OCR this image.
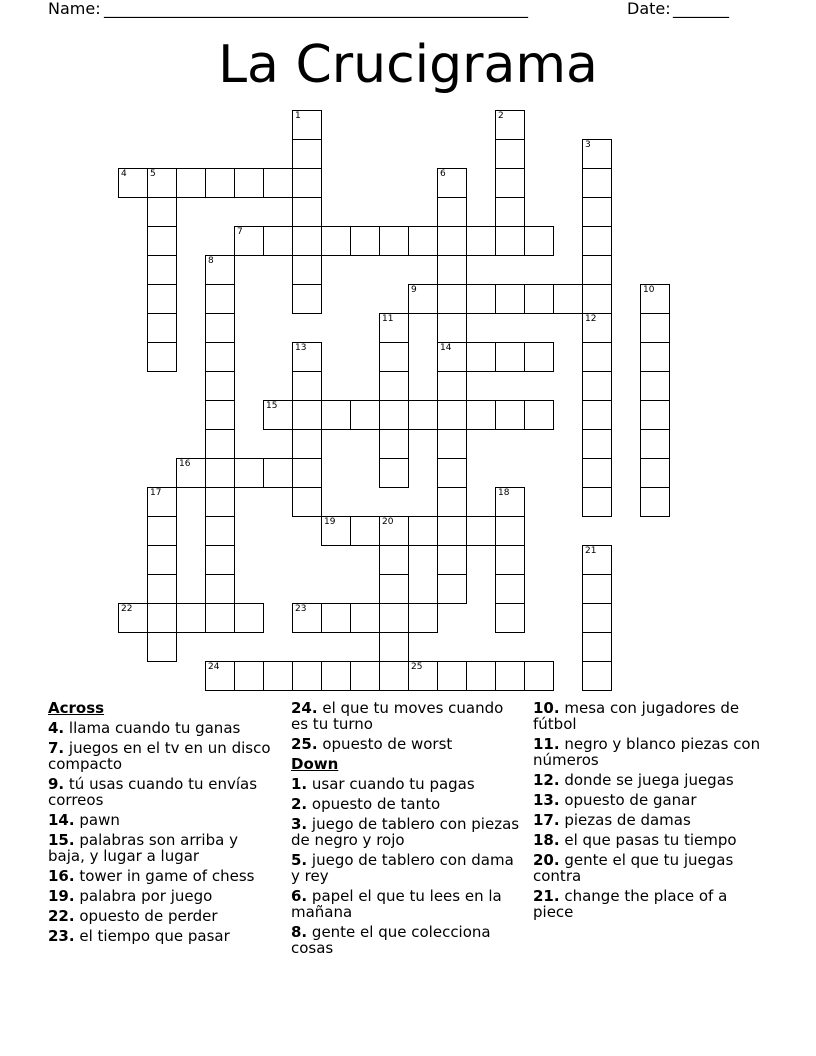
Name: _____________________________________________________	Date: _______
La Crucigrama
1	2
3
4	5	6
14
7
8
9	10
11	12
13
15
16
17	18
19	20
21
22	23
24	25
Across
4. llama cuando tu ganas
7. juegos en el tv en un disco compacto
9. tú usas cuando tu envías correos
14. pawn
15. palabras son arriba y baja, y lugar a lugar
16. tower in game of chess
19. palabra por juego
22. opuesto de perder
23. el tiempo que pasar
24. el que tu moves cuando es tu turno
25. opuesto de worst
Down
1. usar cuando tu pagas
2. opuesto de tanto
3. juego de tablero con piezas de negro y rojo
5. juego de tablero con dama y rey
6. papel el que tu lees en la mañana
8. gente el que colecciona cosas
10. mesa con jugadores de fútbol
11. negro y blanco piezas con números
12. donde se juega juegas
13. opuesto de ganar
17. piezas de damas
18. el que pasas tu tiempo
20. gente el que tu juegas contra
21. change the place of a piece
